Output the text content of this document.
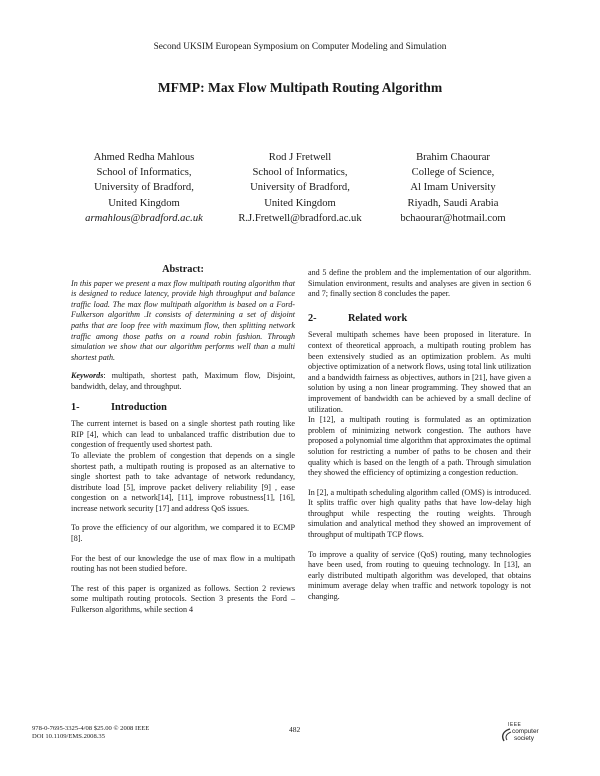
Second UKSIM European Symposium on Computer Modeling and Simulation
MFMP: Max Flow Multipath Routing Algorithm
Ahmed Redha Mahlous
School of Informatics,
University of Bradford,
United Kingdom
armahlous@bradford.ac.uk
Rod J Fretwell
School of Informatics,
University of Bradford,
United Kingdom
R.J.Fretwell@bradford.ac.uk
Brahim Chaourar
College of Science,
Al Imam University
Riyadh, Saudi Arabia
bchaourar@hotmail.com
Abstract:
In this paper we present a max flow multipath routing algorithm that is designed to reduce latency, provide high throughput and balance traffic load. The max flow multipath algorithm is based on a Ford-Fulkerson algorithm .It consists of determining a set of disjoint paths that are loop free with maximum flow, then splitting network traffic among those paths on a round robin fashion. Through simulation we show that our algorithm performs well than a multi shortest path.
Keywords: multipath, shortest path, Maximum flow, Disjoint, bandwidth, delay, and throughput.
1-	Introduction
The current internet is based on a single shortest path routing like RIP [4], which can lead to unbalanced traffic distribution due to congestion of frequently used shortest path.
To alleviate the problem of congestion that depends on a single shortest path, a multipath routing is proposed as an alternative to single shortest path to take advantage of network redundancy, distribute load [5], improve packet delivery reliability [9] , ease congestion on a network[14], [11], improve robustness[1], [16], increase network security [17] and address QoS issues.
To prove the efficiency of our algorithm, we compared it to ECMP [8].
For the best of our knowledge the use of max flow in a multipath routing has not been studied before.
The rest of this paper is organized as follows. Section 2 reviews some multipath routing protocols. Section 3 presents the Ford –Fulkerson algorithms, while section 4
and 5 define the problem and the implementation of our algorithm. Simulation environment, results and analyses are given in section 6 and 7; finally section 8 concludes the paper.
2-	Related work
Several multipath schemes have been proposed in literature. In context of theoretical approach, a multipath routing problem has been extensively studied as an optimization problem. As multi objective optimization of a network flows, using total link utilization and a bandwidth fairness as objectives, authors in [21], have given a solution by using a non linear programming. They showed that an improvement of bandwidth can be achieved by a small decline of utilization.
In [12], a multipath routing is formulated as an optimization problem of minimizing network congestion. The authors have proposed a polynomial time algorithm that approximates the optimal solution for restricting a number of paths to be chosen and their quality which is based on the length of a path. Through simulation they showed the efficiency of optimizing a congestion reduction.
In [2], a multipath scheduling algorithm called (OMS) is introduced. It splits traffic over high quality paths that have low-delay high throughput while respecting the routing weights. Through simulation and analytical method they showed an improvement of throughput of multipath TCP flows.
To improve a quality of service (QoS) routing, many technologies have been used, from routing to queuing technology. In [13], an early distributed multipath algorithm was developed, that obtains minimum average delay when traffic and network topology is not changing.
978-0-7695-3325-4/08 $25.00 © 2008 IEEE
DOI 10.1109/EMS.2008.35
482	IEEE
computer
society
